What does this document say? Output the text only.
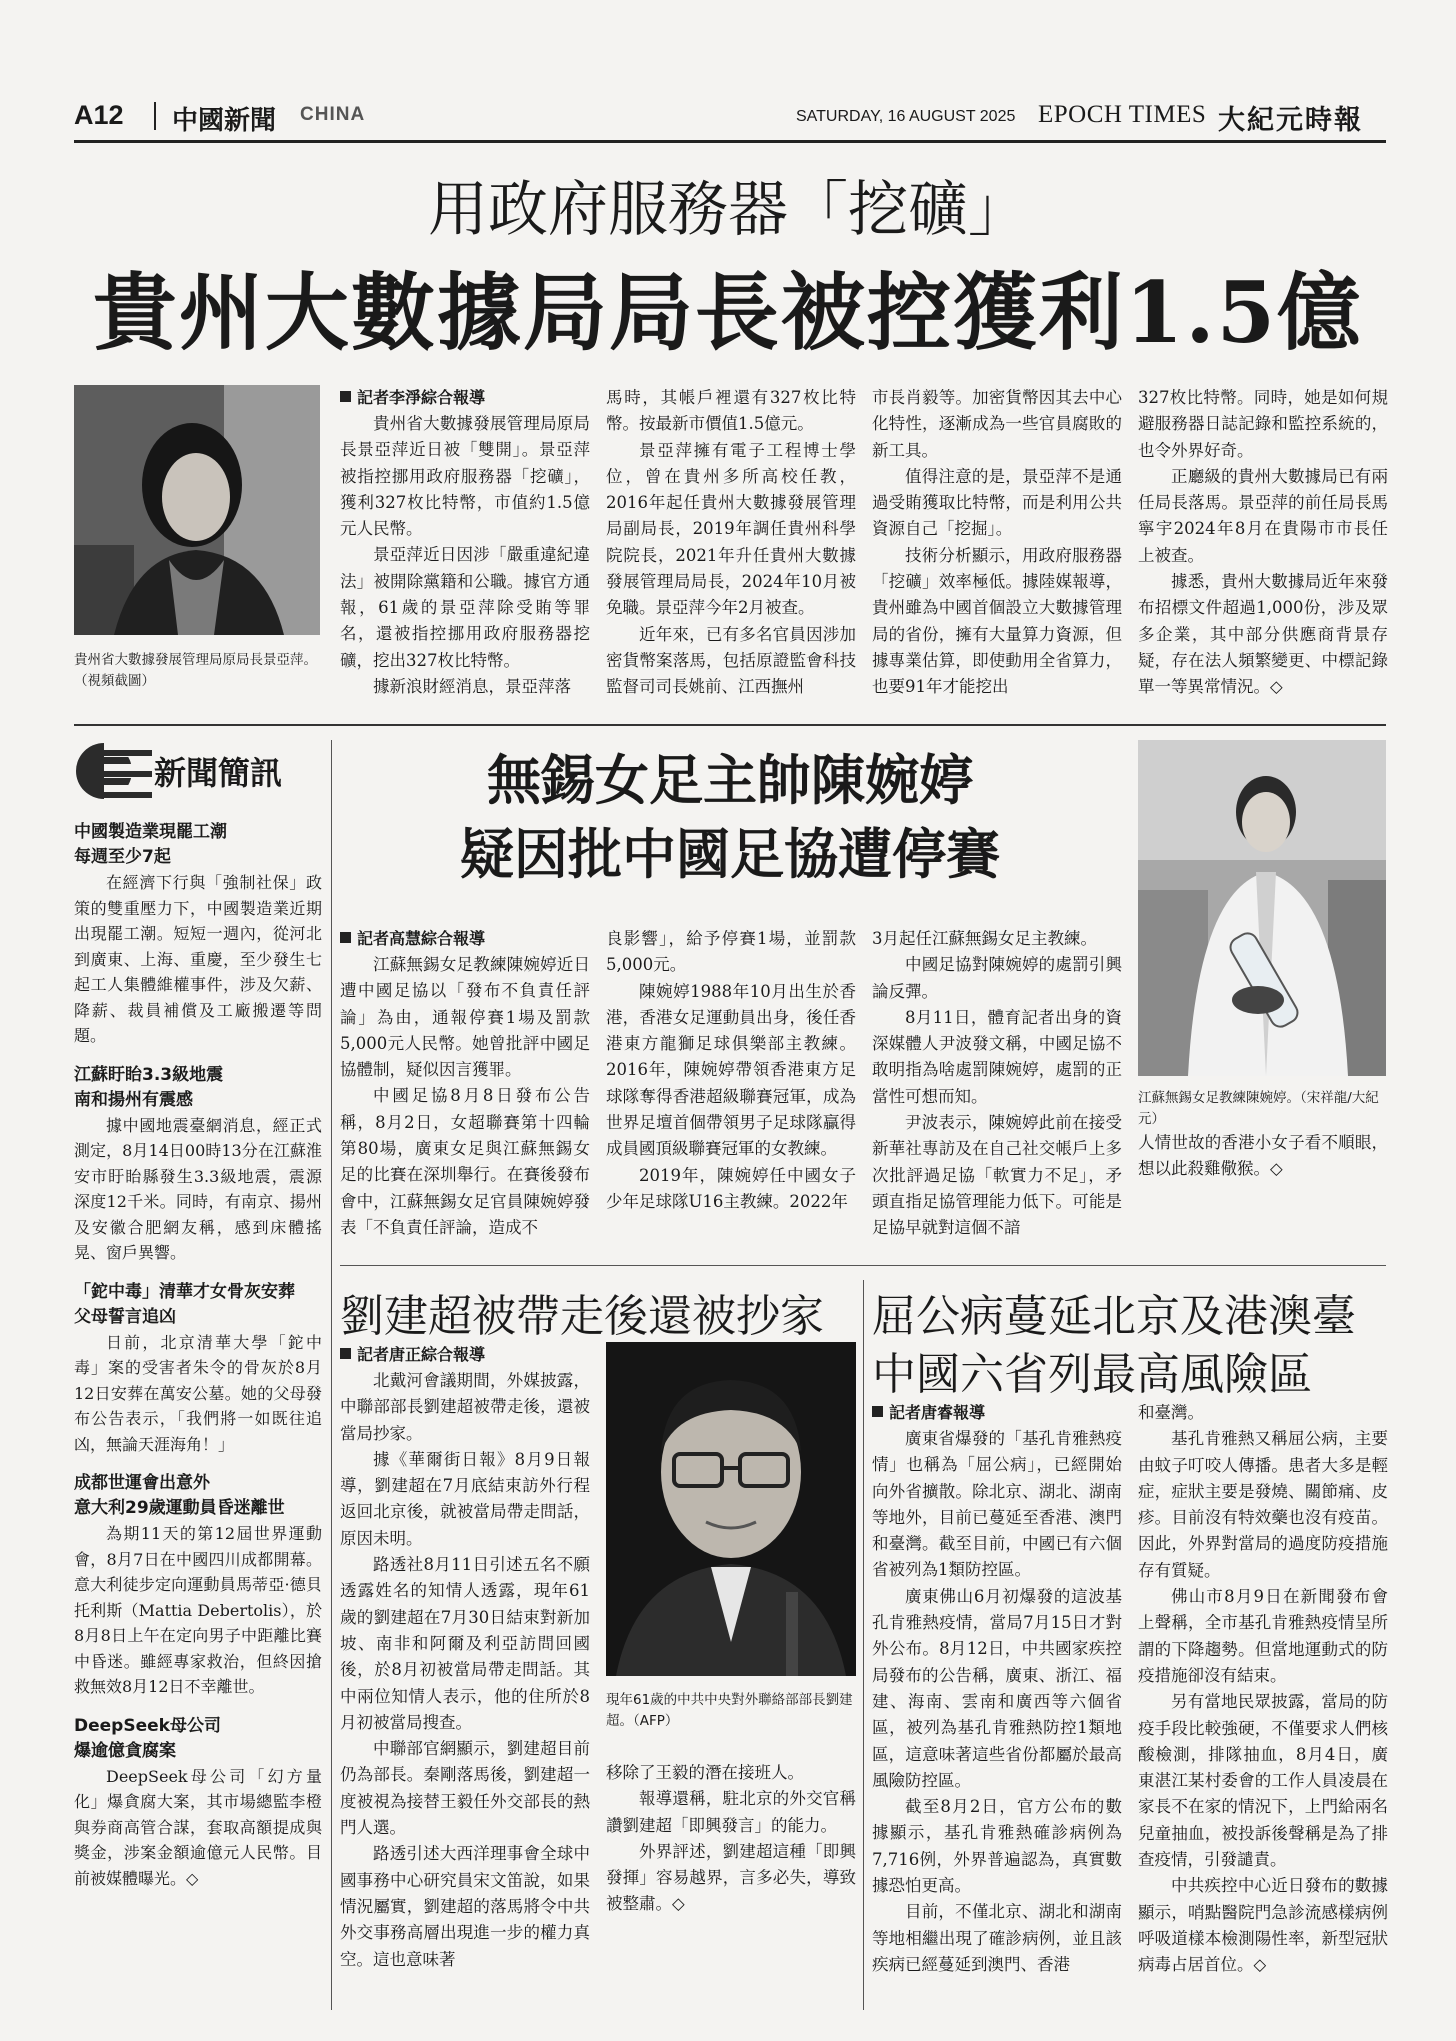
A12 中國新聞 CHINA	SATURDAY, 16 AUGUST 2025 EPOCH TIMES 大紀元時報
用政府服務器「挖礦」
貴州大數據局局長被控獲利1.5億
貴州省大數據發展管理局原局長景亞萍。（視頻截圖）
記者李淨綜合報導

貴州省大數據發展管理局原局長景亞萍近日被「雙開」。景亞萍被指控挪用政府服務器「挖礦」，獲利327枚比特幣，市值約1.5億元人民幣。

景亞萍近日因涉「嚴重違紀違法」被開除黨籍和公職。據官方通報，61歲的景亞萍除受賄等罪名，還被指控挪用政府服務器挖礦，挖出327枚比特幣。

據新浪財經消息，景亞萍落

馬時，其帳戶裡還有327枚比特幣。按最新市價值1.5億元。

景亞萍擁有電子工程博士學位，曾在貴州多所高校任教，2016年起任貴州大數據發展管理局副局長，2019年調任貴州科學院院長，2021年升任貴州大數據發展管理局局長，2024年10月被免職。景亞萍今年2月被查。

近年來，已有多名官員因涉加密貨幣案落馬，包括原證監會科技監督司司長姚前、江西撫州

市長肖毅等。加密貨幣因其去中心化特性，逐漸成為一些官員腐敗的新工具。

值得注意的是，景亞萍不是通過受賄獲取比特幣，而是利用公共資源自己「挖掘」。

技術分析顯示，用政府服務器「挖礦」效率極低。據陸媒報導，貴州雖為中國首個設立大數據管理局的省份，擁有大量算力資源，但據專業估算，即使動用全省算力，也要91年才能挖出

327枚比特幣。同時，她是如何規避服務器日誌記錄和監控系統的，也令外界好奇。

正廳級的貴州大數據局已有兩任局長落馬。景亞萍的前任局長馬寧宇2024年8月在貴陽市市長任上被查。

據悉，貴州大數據局近年來發布招標文件超過1,000份，涉及眾多企業，其中部分供應商背景存疑，存在法人頻繁變更、中標記錄單一等異常情況。◇

新聞簡訊
中國製造業現罷工潮
每週至少7起

在經濟下行與「強制社保」政策的雙重壓力下，中國製造業近期出現罷工潮。短短一週內，從河北到廣東、上海、重慶，至少發生七起工人集體維權事件，涉及欠薪、降薪、裁員補償及工廠搬遷等問題。

江蘇盱眙3.3級地震
南和揚州有震感

據中國地震臺網消息，經正式測定，8月14日00時13分在江蘇淮安市盱眙縣發生3.3級地震，震源深度12千米。同時，有南京、揚州及安徽合肥網友稱，感到床體搖晃、窗戶異響。

「鉈中毒」清華才女骨灰安葬
父母誓言追凶

日前，北京清華大學「鉈中毒」案的受害者朱令的骨灰於8月12日安葬在萬安公墓。她的父母發布公告表示，「我們將一如既往追凶，無論天涯海角！」

成都世運會出意外
意大利29歲運動員昏迷離世

為期11天的第12屆世界運動會，8月7日在中國四川成都開幕。意大利徒步定向運動員馬蒂亞·德貝托利斯（Mattia Debertolis），於8月8日上午在定向男子中距離比賽中昏迷。雖經專家救治，但終因搶救無效8月12日不幸離世。

DeepSeek母公司
爆逾億貪腐案

DeepSeek母公司「幻方量化」爆貪腐大案，其市場總監李橙與券商高管合謀，套取高額提成與獎金，涉案金額逾億元人民幣。目前被媒體曝光。◇

無錫女足主帥陳婉婷
疑因批中國足協遭停賽
記者高慧綜合報導

江蘇無錫女足教練陳婉婷近日遭中國足協以「發布不負責任評論」為由，通報停賽1場及罰款5,000元人民幣。她曾批評中國足協體制，疑似因言獲罪。

中國足協8月8日發布公告稱，8月2日，女超聯賽第十四輪第80場，廣東女足與江蘇無錫女足的比賽在深圳舉行。在賽後發布會中，江蘇無錫女足官員陳婉婷發表「不負責任評論，造成不

良影響」，給予停賽1場，並罰款5,000元。

陳婉婷1988年10月出生於香港，香港女足運動員出身，後任香港東方龍獅足球俱樂部主教練。2016年，陳婉婷帶領香港東方足球隊奪得香港超級聯賽冠軍，成為世界足壇首個帶領男子足球隊贏得成員國頂級聯賽冠軍的女教練。

2019年，陳婉婷任中國女子少年足球隊U16主教練。2022年

3月起任江蘇無錫女足主教練。

中國足協對陳婉婷的處罰引興論反彈。

8月11日，體育記者出身的資深媒體人尹波發文稱，中國足協不敢明指為啥處罰陳婉婷，處罰的正當性可想而知。

尹波表示，陳婉婷此前在接受新華社專訪及在自己社交帳戶上多次批評過足協「軟實力不足」，矛頭直指足協管理能力低下。可能是足協早就對這個不諳

江蘇無錫女足教練陳婉婷。（宋祥龍/大紀元）

人情世故的香港小女子看不順眼，想以此殺雞儆猴。◇

劉建超被帶走後還被抄家
記者唐正綜合報導

北戴河會議期間，外媒披露，中聯部部長劉建超被帶走後，還被當局抄家。

據《華爾街日報》8月9日報導，劉建超在7月底結束訪外行程返回北京後，就被當局帶走問話，原因未明。

路透社8月11日引述五名不願透露姓名的知情人透露，現年61歲的劉建超在7月30日結束對新加坡、南非和阿爾及利亞訪問回國後，於8月初被當局帶走問話。其中兩位知情人表示，他的住所於8月初被當局搜查。

中聯部官網顯示，劉建超目前仍為部長。秦剛落馬後，劉建超一度被視為接替王毅任外交部長的熱門人選。

路透引述大西洋理事會全球中國事務中心研究員宋文笛說，如果情況屬實，劉建超的落馬將令中共外交事務高層出現進一步的權力真空。這也意味著

現年61歲的中共中央對外聯絡部部長劉建超。（AFP）

移除了王毅的潛在接班人。

報導還稱，駐北京的外交官稱讚劉建超「即興發言」的能力。

外界評述，劉建超這種「即興發揮」容易越界，言多必失，導致被整肅。◇

屈公病蔓延北京及港澳臺
中國六省列最高風險區
記者唐睿報導

廣東省爆發的「基孔肯雅熱疫情」也稱為「屈公病」，已經開始向外省擴散。除北京、湖北、湖南等地外，目前已蔓延至香港、澳門和臺灣。截至目前，中國已有六個省被列為1類防控區。

廣東佛山6月初爆發的這波基孔肯雅熱疫情，當局7月15日才對外公布。8月12日，中共國家疾控局發布的公告稱，廣東、浙江、福建、海南、雲南和廣西等六個省區，被列為基孔肯雅熱防控1類地區，這意味著這些省份都屬於最高風險防控區。

截至8月2日，官方公布的數據顯示，基孔肯雅熱確診病例為7,716例，外界普遍認為，真實數據恐怕更高。

目前，不僅北京、湖北和湖南等地相繼出現了確診病例，並且該疾病已經蔓延到澳門、香港

和臺灣。

基孔肯雅熱又稱屈公病，主要由蚊子叮咬人傳播。患者大多是輕症，症狀主要是發燒、關節痛、皮疹。目前沒有特效藥也沒有疫苗。因此，外界對當局的過度防疫措施存有質疑。

佛山市8月9日在新聞發布會上聲稱，全市基孔肯雅熱疫情呈所謂的下降趨勢。但當地運動式的防疫措施卻沒有結束。

另有當地民眾披露，當局的防疫手段比較強硬，不僅要求人們核酸檢測，排隊抽血，8月4日，廣東湛江某村委會的工作人員凌晨在家長不在家的情況下，上門給兩名兒童抽血，被投訴後聲稱是為了排查疫情，引發譴責。

中共疾控中心近日發布的數據顯示，哨點醫院門急診流感樣病例呼吸道樣本檢測陽性率，新型冠狀病毒占居首位。◇
